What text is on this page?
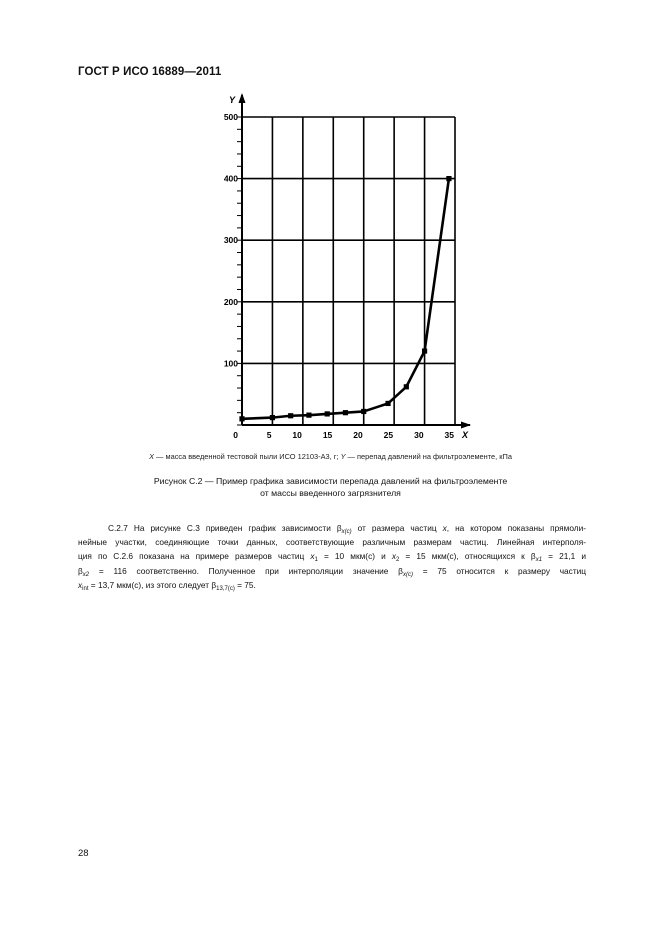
ГОСТ Р ИСО 16889—2011
100
200
300
400
500
0	5 10 15 20 25 30 35
Y
X
X — масса введенной тестовой пыли ИСО 12103-А3, г; Y — перепад давлений на фильтроэлементе, кПа
Рисунок С.2 — Пример графика зависимости перепада давлений на фильтроэлементе
от массы введенного загрязнителя
С.2.7 На рисунке С.3 приведен график зависимости $\beta_{x(c)}$ от размера частиц x, на котором показаны прямоли-
нейные участки, соединяющие точки данных, соответствующие различным размерам частиц. Линейная интерполя-
ция по С.2.6 показана на примере размеров частиц $x_1 = 10$ мкм(с) и $x_2 = 15$ мкм(с), относящихся к $\beta_{x1} = 21,1$ и
$\beta_{x2} = 116$ соответственно. Полученное при интерполяции значение $\beta_{x(c)} = 75$ относится к размеру частиц
$x_{int} = 13,7$ мкм(с), из этого следует $\beta_{13,7(c)} = 75$.
28
